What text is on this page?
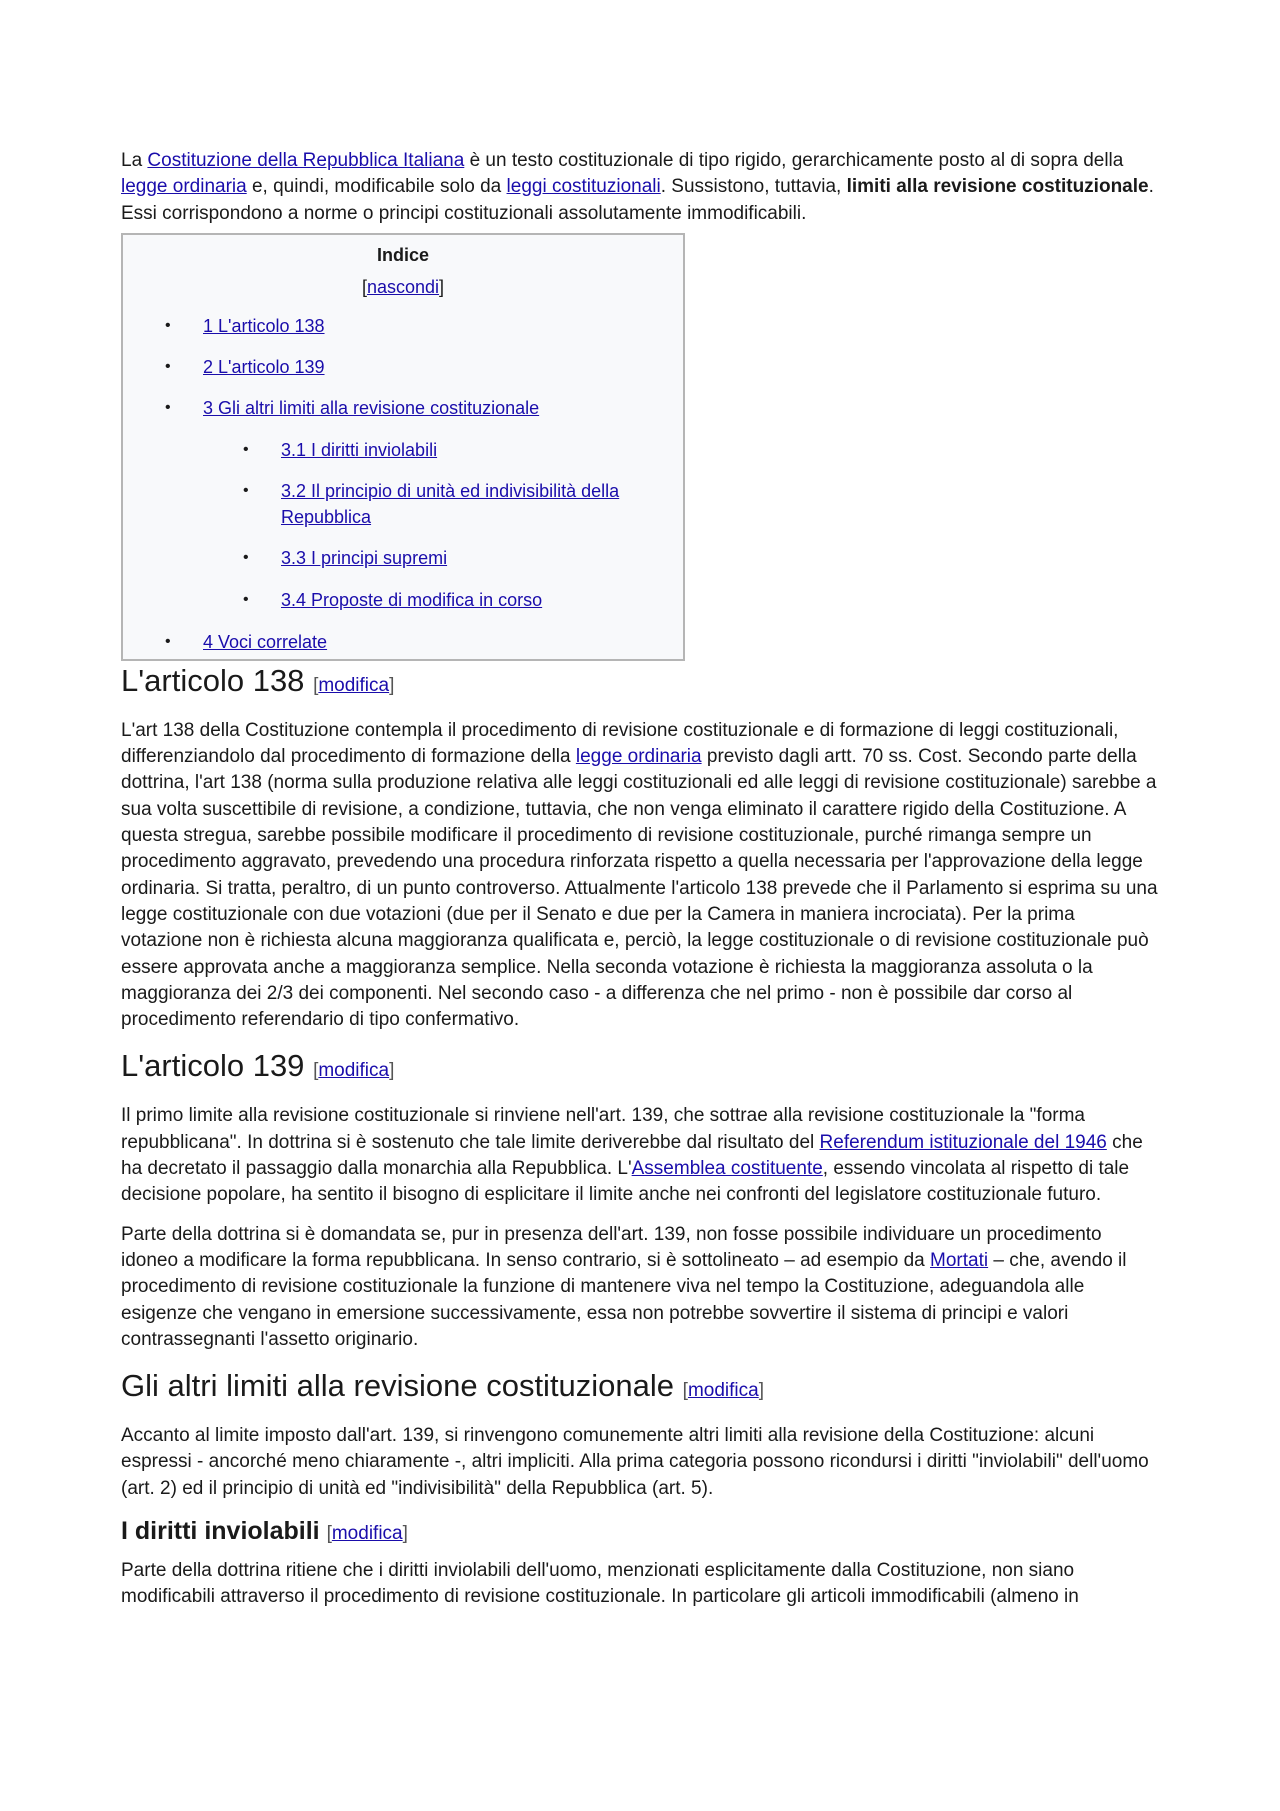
La Costituzione della Repubblica Italiana è un testo costituzionale di tipo rigido, gerarchicamente posto al di sopra della legge ordinaria e, quindi, modificabile solo da leggi costituzionali. Sussistono, tuttavia, limiti alla revisione costituzionale. Essi corrispondono a norme o principi costituzionali assolutamente immodificabili.

Indice
[nascondi]
• 1 L'articolo 138
• 2 L'articolo 139
• 3 Gli altri limiti alla revisione costituzionale
• 3.1 I diritti inviolabili
• 3.2 Il principio di unità ed indivisibilità della Repubblica
• 3.3 I principi supremi
• 3.4 Proposte di modifica in corso
• 4 Voci correlate
L'articolo 138 [modifica]

L'art 138 della Costituzione contempla il procedimento di revisione costituzionale e di formazione di leggi costituzionali, differenziandolo dal procedimento di formazione della legge ordinaria previsto dagli artt. 70 ss. Cost. Secondo parte della dottrina, l'art 138 (norma sulla produzione relativa alle leggi costituzionali ed alle leggi di revisione costituzionale) sarebbe a sua volta suscettibile di revisione, a condizione, tuttavia, che non venga eliminato il carattere rigido della Costituzione. A questa stregua, sarebbe possibile modificare il procedimento di revisione costituzionale, purché rimanga sempre un procedimento aggravato, prevedendo una procedura rinforzata rispetto a quella necessaria per l'approvazione della legge ordinaria. Si tratta, peraltro, di un punto controverso. Attualmente l'articolo 138 prevede che il Parlamento si esprima su una legge costituzionale con due votazioni (due per il Senato e due per la Camera in maniera incrociata). Per la prima votazione non è richiesta alcuna maggioranza qualificata e, perciò, la legge costituzionale o di revisione costituzionale può essere approvata anche a maggioranza semplice. Nella seconda votazione è richiesta la maggioranza assoluta o la maggioranza dei 2/3 dei componenti. Nel secondo caso - a differenza che nel primo - non è possibile dar corso al procedimento referendario di tipo confermativo.

L'articolo 139 [modifica]

Il primo limite alla revisione costituzionale si rinviene nell'art. 139, che sottrae alla revisione costituzionale la "forma repubblicana". In dottrina si è sostenuto che tale limite deriverebbe dal risultato del Referendum istituzionale del 1946 che ha decretato il passaggio dalla monarchia alla Repubblica. L'Assemblea costituente, essendo vincolata al rispetto di tale decisione popolare, ha sentito il bisogno di esplicitare il limite anche nei confronti del legislatore costituzionale futuro.

Parte della dottrina si è domandata se, pur in presenza dell'art. 139, non fosse possibile individuare un procedimento idoneo a modificare la forma repubblicana. In senso contrario, si è sottolineato – ad esempio da Mortati – che, avendo il procedimento di revisione costituzionale la funzione di mantenere viva nel tempo la Costituzione, adeguandola alle esigenze che vengano in emersione successivamente, essa non potrebbe sovvertire il sistema di principi e valori contrassegnanti l'assetto originario.

Gli altri limiti alla revisione costituzionale [modifica]

Accanto al limite imposto dall'art. 139, si rinvengono comunemente altri limiti alla revisione della Costituzione: alcuni espressi - ancorché meno chiaramente -, altri impliciti. Alla prima categoria possono ricondursi i diritti "inviolabili" dell'uomo (art. 2) ed il principio di unità ed "indivisibilità" della Repubblica (art. 5).

I diritti inviolabili [modifica]

Parte della dottrina ritiene che i diritti inviolabili dell'uomo, menzionati esplicitamente dalla Costituzione, non siano modificabili attraverso il procedimento di revisione costituzionale. In particolare gli articoli immodificabili (almeno in
